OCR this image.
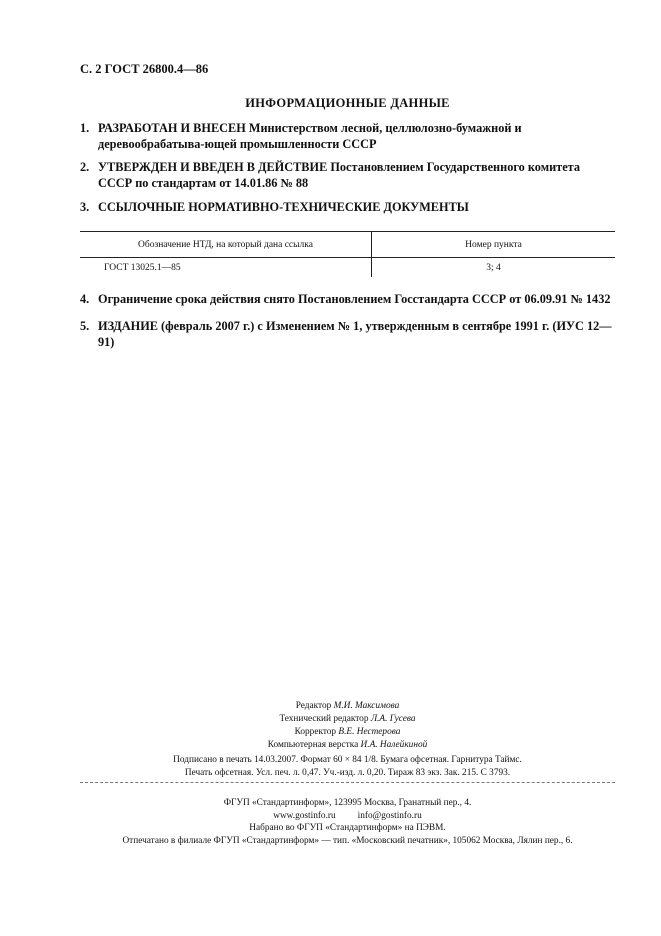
С. 2 ГОСТ 26800.4—86
ИНФОРМАЦИОННЫЕ ДАННЫЕ
1. РАЗРАБОТАН И ВНЕСЕН Министерством лесной, целлюлозно-бумажной и деревообрабатыва-ющей промышленности СССР
2. УТВЕРЖДЕН И ВВЕДЕН В ДЕЙСТВИЕ Постановлением Государственного комитета СССР по стандартам от 14.01.86 № 88
3. ССЫЛОЧНЫЕ НОРМАТИВНО-ТЕХНИЧЕСКИЕ ДОКУМЕНТЫ
Обозначение НТД, на который дана ссылка	Номер пункта
ГОСТ 13025.1—85	3; 4
4. Ограничение срока действия снято Постановлением Госстандарта СССР от 06.09.91 № 1432
5. ИЗДАНИЕ (февраль 2007 г.) с Изменением № 1, утвержденным в сентябре 1991 г. (ИУС 12—91)
Редактор М.И. Максимова
Технический редактор Л.А. Гусева
Корректор В.Е. Нестерова
Компьютерная верстка И.А. Налейкиной
Подписано в печать 14.03.2007. Формат 60 × 84 1/8. Бумага офсетная. Гарнитура Таймс.
Печать офсетная. Усл. печ. л. 0,47. Уч.-изд. л. 0,20. Тираж 83 экз. Зак. 215. С 3793.
ФГУП «Стандартинформ», 123995 Москва, Гранатный пер., 4.
www.gostinfo.ru info@gostinfo.ru
Набрано во ФГУП «Стандартинформ» на ПЭВМ.
Отпечатано в филиале ФГУП «Стандартинформ» — тип. «Московский печатник», 105062 Москва, Лялин пер., 6.
